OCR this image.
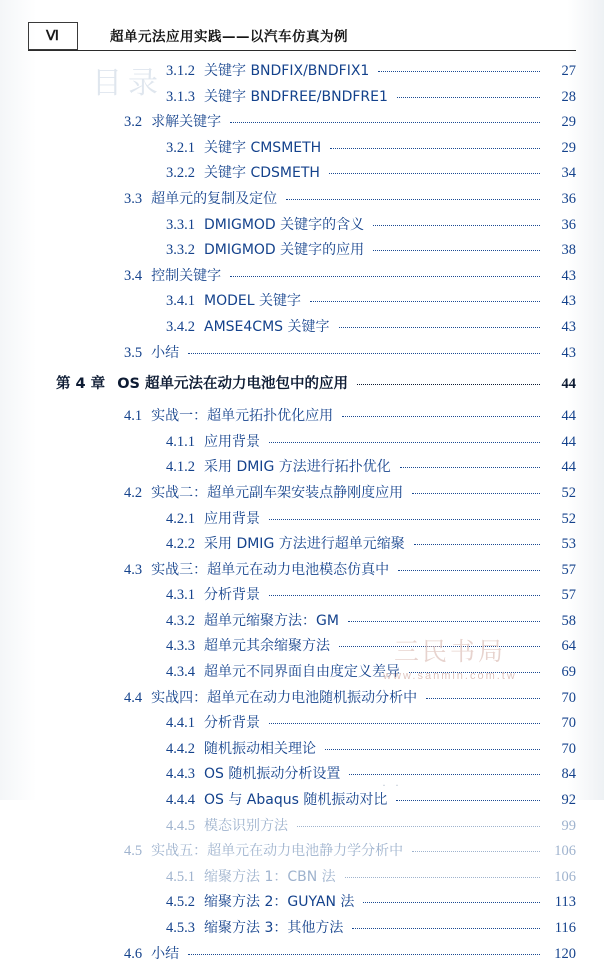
目录
Ⅵ	超单元法应用实践——以汽车仿真为例
3.1.2 关键字 BNDFIX/BNDFIX1	27
3.1.3 关键字 BNDFREE/BNDFRE1	28
3.2 求解关键字	29
3.2.1 关键字 CMSMETH	29
3.2.2 关键字 CDSMETH	34
3.3 超单元的复制及定位	36
3.3.1 DMIGMOD 关键字的含义	36
3.3.2 DMIGMOD 关键字的应用	38
3.4 控制关键字	43
3.4.1 MODEL 关键字	43
3.4.2 AMSE4CMS 关键字	43
3.5 小结	43
第 4 章 OS 超单元法在动力电池包中的应用	44
4.1 实战一：超单元拓扑优化应用	44
4.1.1 应用背景	44
4.1.2 采用 DMIG 方法进行拓扑优化	44
4.2 实战二：超单元副车架安装点静刚度应用	52
4.2.1 应用背景	52
4.2.2 采用 DMIG 方法进行超单元缩聚	53
4.3 实战三：超单元在动力电池模态仿真中	57
4.3.1 分析背景	57
4.3.2 超单元缩聚方法：GM	58
4.3.3 超单元其余缩聚方法	64
4.3.4 超单元不同界面自由度定义差异	69
4.4 实战四：超单元在动力电池随机振动分析中	70
4.4.1 分析背景	70
4.4.2 随机振动相关理论	70
4.4.3 OS 随机振动分析设置	84
4.4.4 OS 与 Abaqus 随机振动对比	92
4.4.5 模态识别方法	99
4.5 实战五：超单元在动力电池静力学分析中	106
4.5.1 缩聚方法 1：CBN 法	106
4.5.2 缩聚方法 2：GUYAN 法	113
4.5.3 缩聚方法 3：其他方法	116
4.6 小结	120
三民书局
www.sanmin.com.tw
· ·
